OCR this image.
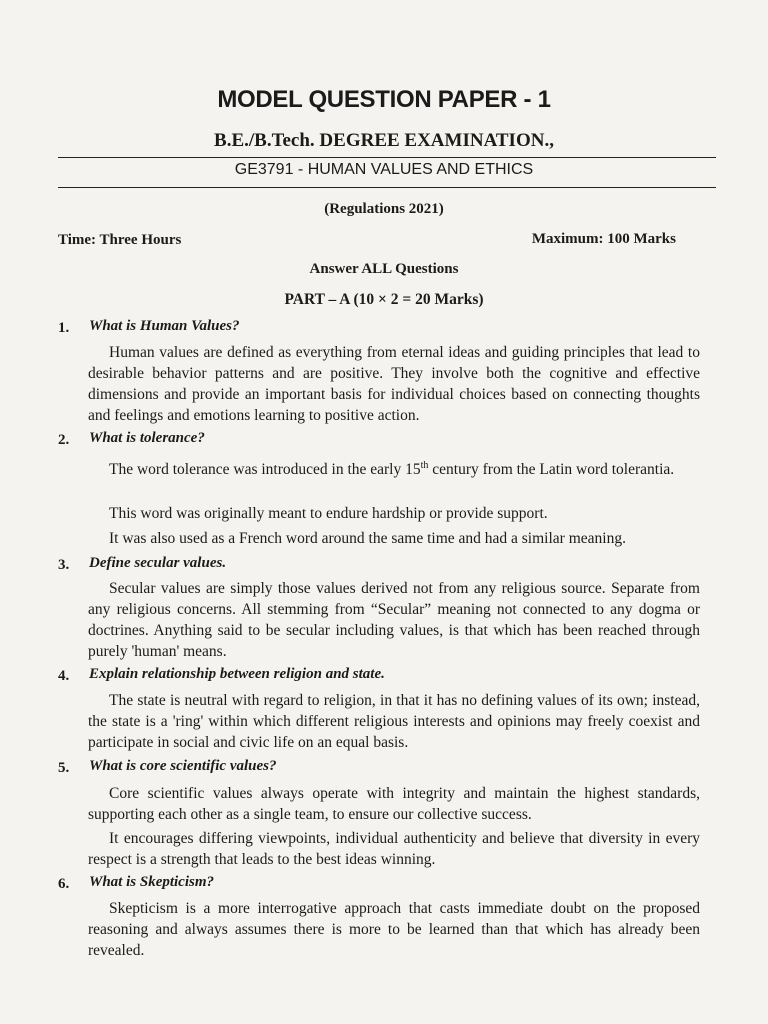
MODEL QUESTION PAPER - 1
B.E./B.Tech. DEGREE EXAMINATION.,
GE3791 - HUMAN VALUES AND ETHICS
(Regulations 2021)
Time: Three Hours	Maximum: 100 Marks
Answer ALL Questions
PART – A (10 × 2 = 20 Marks)
1. What is Human Values?
Human values are defined as everything from eternal ideas and guiding principles that lead to desirable behavior patterns and are positive. They involve both the cognitive and effective dimensions and provide an important basis for individual choices based on connecting thoughts and feelings and emotions learning to positive action.
2. What is tolerance?
The word tolerance was introduced in the early 15th century from the Latin word tolerantia.
This word was originally meant to endure hardship or provide support.
It was also used as a French word around the same time and had a similar meaning.
3. Define secular values.
Secular values are simply those values derived not from any religious source. Separate from any religious concerns. All stemming from “Secular” meaning not connected to any dogma or doctrines. Anything said to be secular including values, is that which has been reached through purely 'human' means.
4. Explain relationship between religion and state.
The state is neutral with regard to religion, in that it has no defining values of its own; instead, the state is a 'ring' within which different religious interests and opinions may freely coexist and participate in social and civic life on an equal basis.
5. What is core scientific values?
Core scientific values always operate with integrity and maintain the highest standards, supporting each other as a single team, to ensure our collective success.
It encourages differing viewpoints, individual authenticity and believe that diversity in every respect is a strength that leads to the best ideas winning.
6. What is Skepticism?
Skepticism is a more interrogative approach that casts immediate doubt on the proposed reasoning and always assumes there is more to be learned than that which has already been revealed.
